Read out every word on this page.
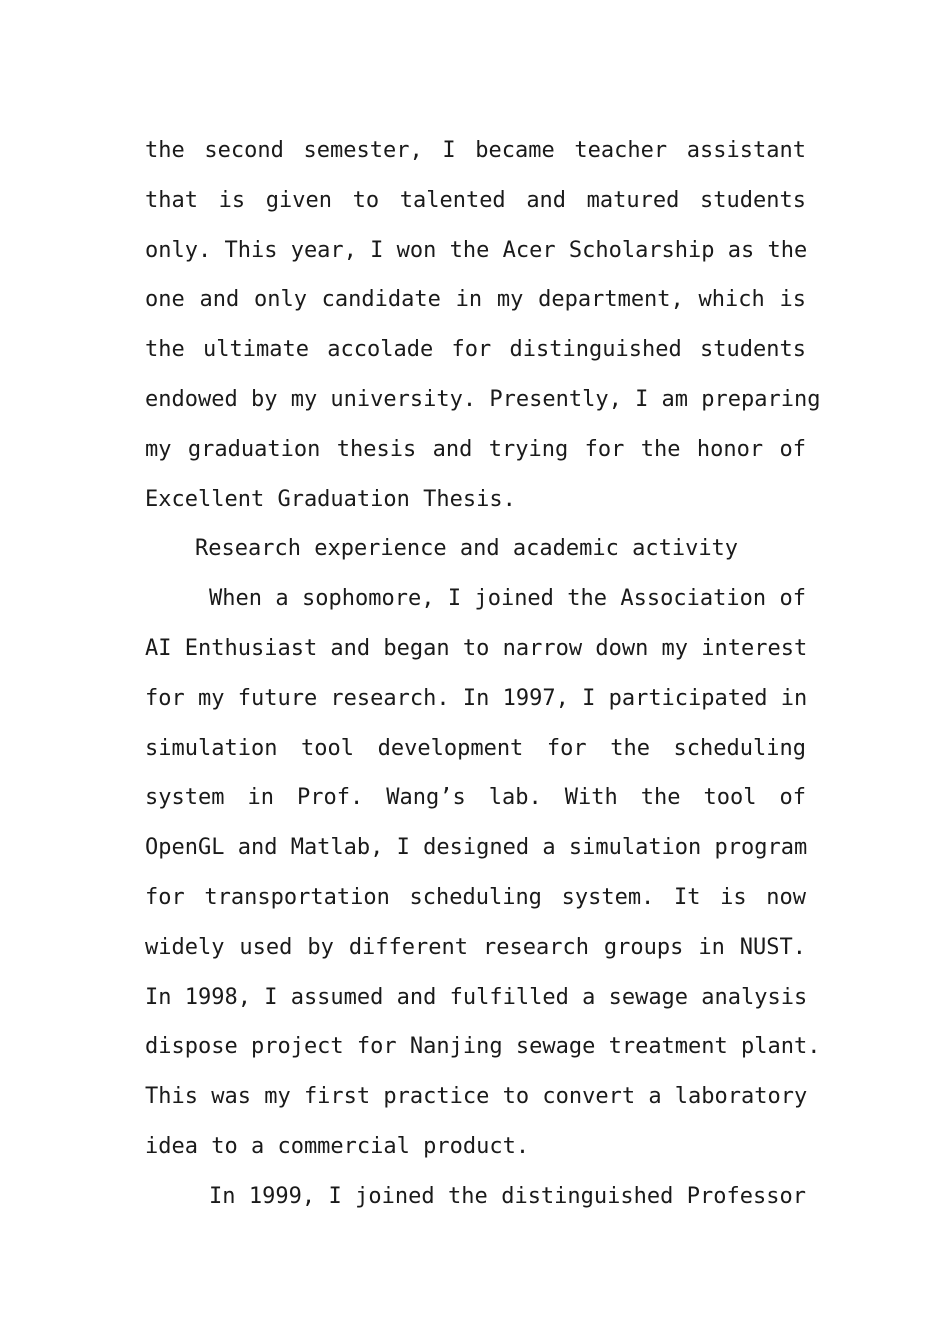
the second semester, I became teacher assistant
that is given to talented and matured students
only. This year, I won the Acer Scholarship as the
one and only candidate in my department, which is
the ultimate accolade for distinguished students
endowed by my university. Presently, I am preparing
my graduation thesis and trying for the honor of
Excellent Graduation Thesis.
Research experience and academic activity
When a sophomore, I joined the Association of
AI Enthusiast and began to narrow down my interest
for my future research. In 1997, I participated in
simulation tool development for the scheduling
system in Prof. Wang’s lab. With the tool of
OpenGL and Matlab, I designed a simulation program
for transportation scheduling system. It is now
widely used by different research groups in NUST.
In 1998, I assumed and fulfilled a sewage analysis
dispose project for Nanjing sewage treatment plant.
This was my first practice to convert a laboratory
idea to a commercial product.
In 1999, I joined the distinguished Professor
